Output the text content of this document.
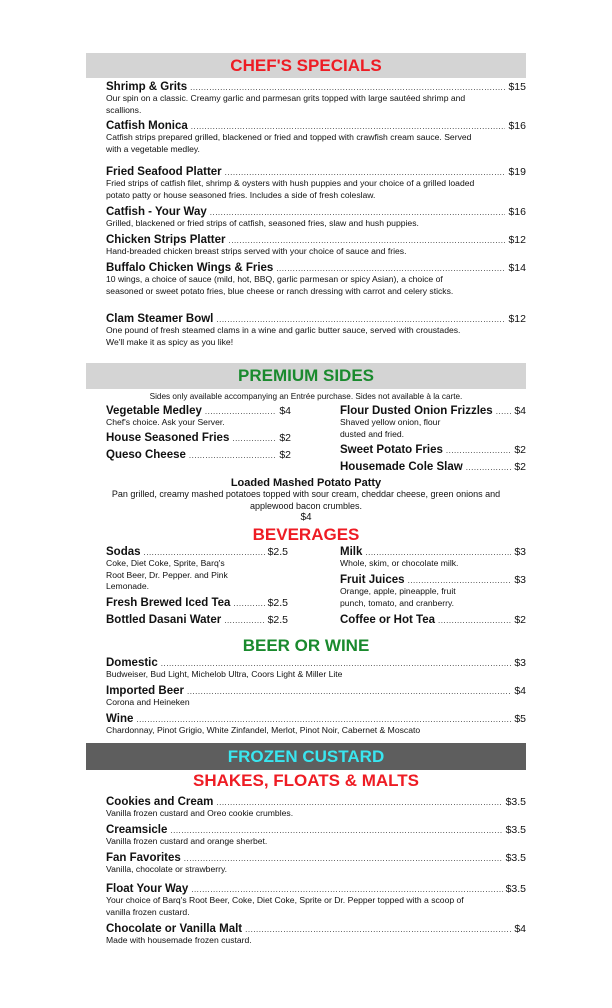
CHEF'S SPECIALS
Shrimp & Grits .....	$15
Our spin on a classic. Creamy garlic and parmesan grits topped with large sautéed shrimp and scallions.
Catfish Monica .....	$16
Catfish strips prepared grilled, blackened or fried and topped with crawfish cream sauce. Served with a vegetable medley.
Fried Seafood Platter .....	$19
Fried strips of catfish filet, shrimp & oysters with hush puppies and your choice of a grilled loaded potato patty or house seasoned fries. Includes a side of fresh coleslaw.
Catfish - Your Way .....	$16
Grilled, blackened or fried strips of catfish, seasoned fries, slaw and hush puppies.
Chicken Strips Platter .....	$12
Hand-breaded chicken breast strips served with your choice of sauce and fries.
Buffalo Chicken Wings & Fries .....	$14
10 wings, a choice of sauce (mild, hot, BBQ, garlic parmesan or spicy Asian), a choice of seasoned or sweet potato fries, blue cheese or ranch dressing with carrot and celery sticks.
Clam Steamer Bowl .....	$12
One pound of fresh steamed clams in a wine and garlic butter sauce, served with croustades. We'll make it as spicy as you like!
PREMIUM SIDES
Sides only available accompanying an Entrée purchase. Sides not available à la carte.
Vegetable Medley .....	$4
Chef's choice. Ask your Server.
House Seasoned Fries .....	$2
Queso Cheese .....	$2
Flour Dusted Onion Frizzles ..... $4
Shaved yellow onion, flour
dusted and fried.
Sweet Potato Fries .....	$2
Housemade Cole Slaw .....	$2
Loaded Mashed Potato Patty
Pan grilled, creamy mashed potatoes topped with sour cream, cheddar cheese, green onions and
applewood bacon crumbles.
$4
BEVERAGES
Sodas .....	$2.5
Coke, Diet Coke, Sprite, Barq's
Root Beer, Dr. Pepper. and Pink
Lemonade.
Fresh Brewed Iced Tea .....	$2.5
Bottled Dasani Water .....	$2.5
Milk .....	$3
Whole, skim, or chocolate milk.
Fruit Juices .....	$3
Orange, apple, pineapple, fruit
punch, tomato, and cranberry.
Coffee or Hot Tea .....	$2
BEER OR WINE
Domestic .....	$3
Budweiser, Bud Light, Michelob Ultra, Coors Light & Miller Lite
Imported Beer .....	$4
Corona and Heineken
Wine .....	$5
Chardonnay, Pinot Grigio, White Zinfandel, Merlot, Pinot Noir, Cabernet & Moscato
FROZEN CUSTARD
SHAKES, FLOATS & MALTS
Cookies and Cream .....	$3.5
Vanilla frozen custard and Oreo cookie crumbles.
Creamsicle .....	$3.5
Vanilla frozen custard and orange sherbet.
Fan Favorites .....	$3.5
Vanilla, chocolate or strawberry.
Float Your Way .....	$3.5
Your choice of Barq's Root Beer, Coke, Diet Coke, Sprite or Dr. Pepper topped with a scoop of vanilla frozen custard.
Chocolate or Vanilla Malt .....	$4
Made with housemade frozen custard.
